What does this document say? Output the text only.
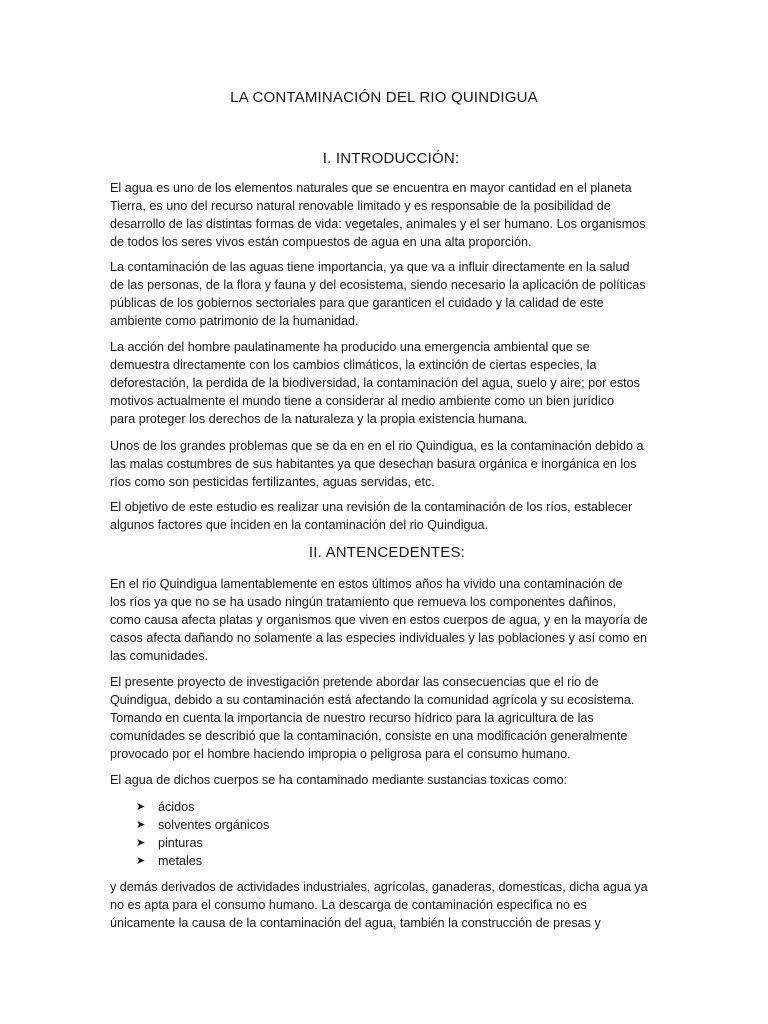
LA CONTAMINACIÓN DEL RIO QUINDIGUA
I. INTRODUCCIÓN:
El agua es uno de los elementos naturales que se encuentra en mayor cantidad en el planeta
Tierra, es uno del recurso natural renovable limitado y es responsable de la posibilidad de
desarrollo de las distintas formas de vida: vegetales, animales y el ser humano. Los organismos
de todos los seres vivos están compuestos de agua en una alta proporción.
La contaminación de las aguas tiene importancia, ya que va a influir directamente en la salud
de las personas, de la flora y fauna y del ecosistema, siendo necesario la aplicación de políticas
públicas de los gobiernos sectoriales para que garanticen el cuidado y la calidad de este
ambiente como patrimonio de la humanidad.
La acción del hombre paulatinamente ha producido una emergencia ambiental que se
demuestra directamente con los cambios climáticos, la extinción de ciertas especies, la
deforestación, la perdida de la biodiversidad, la contaminación del agua, suelo y aire; por estos
motivos actualmente el mundo tiene a considerar al medio ambiente como un bien jurídico
para proteger los derechos de la naturaleza y la propia existencia humana.
Unos de los grandes problemas que se da en en el rio Quindigua, es la contaminación debido a
las malas costumbres de sus habitantes ya que desechan basura orgánica e inorgánica en los
ríos como son pesticidas fertilizantes, aguas servidas, etc.
El objetivo de este estudio es realizar una revisión de la contaminación de los ríos, establecer
algunos factores que inciden en la contaminación del rio Quindigua.
II. ANTENCEDENTES:
En el rio Quindigua lamentablemente en estos últimos años ha vivido una contaminación de
los ríos ya que no se ha usado ningún tratamiento que remueva los componentes dañinos,
como causa afecta platas y organismos que viven en estos cuerpos de agua, y en la mayoría de
casos afecta dañando no solamente a las especies individuales y las poblaciones y así como en
las comunidades.
El presente proyecto de investigación pretende abordar las consecuencias que el rio de
Quindigua, debido a su contaminación está afectando la comunidad agrícola y su ecosistema.
Tomando en cuenta la importancia de nuestro recurso hídrico para la agricultura de las
comunidades se describió que la contaminación, consiste en una modificación generalmente
provocado por el hombre haciendo impropia o peligrosa para el consumo humano.
El agua de dichos cuerpos se ha contaminado mediante sustancias toxicas como:
➤	ácidos
➤	solventes orgánicos
➤	pinturas
➤	metales
y demás derivados de actividades industriales, agrícolas, ganaderas, domesticas, dicha agua ya
no es apta para el consumo humano. La descarga de contaminación especifica no es
únicamente la causa de la contaminación del agua, también la construcción de presas y
